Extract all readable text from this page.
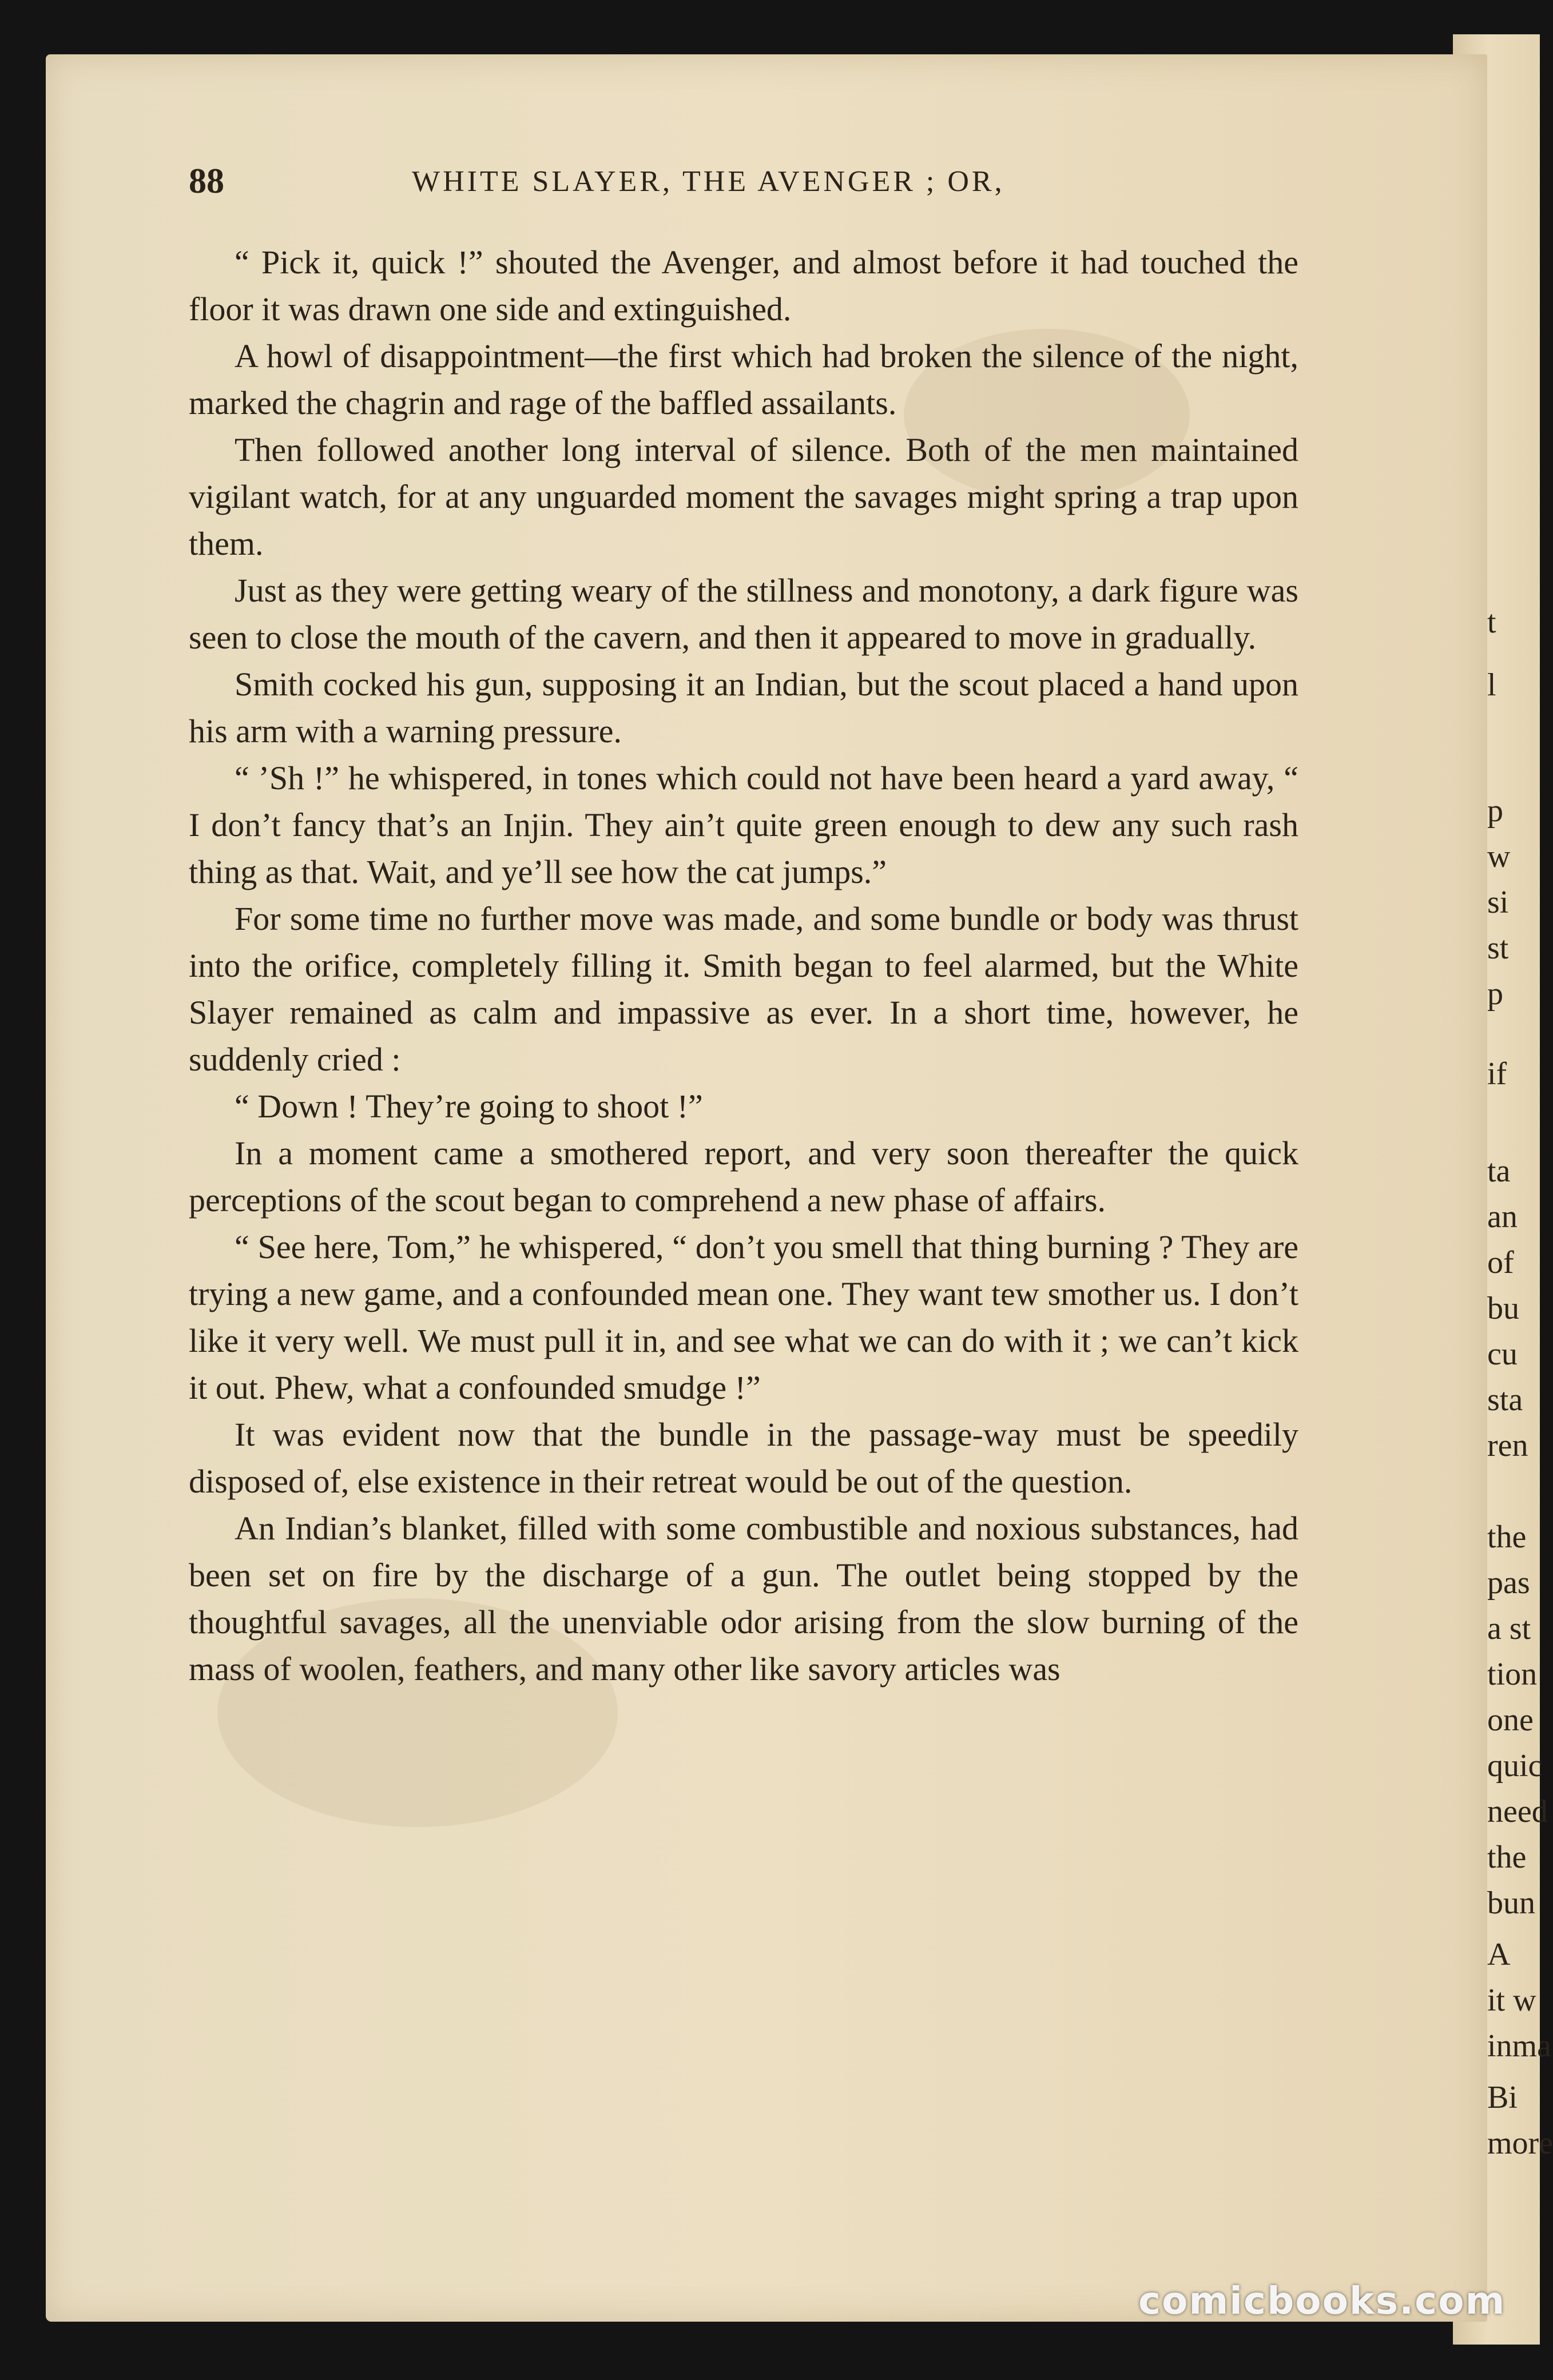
t
l
p
w
si
st
p
if
ta
an
of
bu
cu
sta
ren
the
pas
a st
tion
one
quic
need
the
bun
A
it w
inma
Bi
more
88	WHITE SLAYER, THE AVENGER ; OR,

“ Pick it, quick !” shouted the Avenger, and almost before it had touched the floor it was drawn one side and extinguished.

A howl of disappointment—the first which had broken the silence of the night, marked the chagrin and rage of the baffled assailants.

Then followed another long interval of silence. Both of the men maintained vigilant watch, for at any unguarded moment the savages might spring a trap upon them.

Just as they were getting weary of the stillness and monotony, a dark figure was seen to close the mouth of the cavern, and then it appeared to move in gradually.

Smith cocked his gun, supposing it an Indian, but the scout placed a hand upon his arm with a warning pressure.

“ ’Sh !” he whispered, in tones which could not have been heard a yard away, “ I don’t fancy that’s an Injin. They ain’t quite green enough to dew any such rash thing as that. Wait, and ye’ll see how the cat jumps.”

For some time no further move was made, and some bundle or body was thrust into the orifice, completely filling it. Smith began to feel alarmed, but the White Slayer remained as calm and impassive as ever. In a short time, however, he suddenly cried :

“ Down ! They’re going to shoot !”

In a moment came a smothered report, and very soon thereafter the quick perceptions of the scout began to comprehend a new phase of affairs.

“ See here, Tom,” he whispered, “ don’t you smell that thing burning ? They are trying a new game, and a confounded mean one. They want tew smother us. I don’t like it very well. We must pull it in, and see what we can do with it ; we can’t kick it out. Phew, what a confounded smudge !”

It was evident now that the bundle in the passage-way must be speedily disposed of, else existence in their retreat would be out of the question.

An Indian’s blanket, filled with some combustible and noxious substances, had been set on fire by the discharge of a gun. The outlet being stopped by the thoughtful savages, all the unenviable odor arising from the slow burning of the mass of woolen, feathers, and many other like savory articles was

comicbooks.com
